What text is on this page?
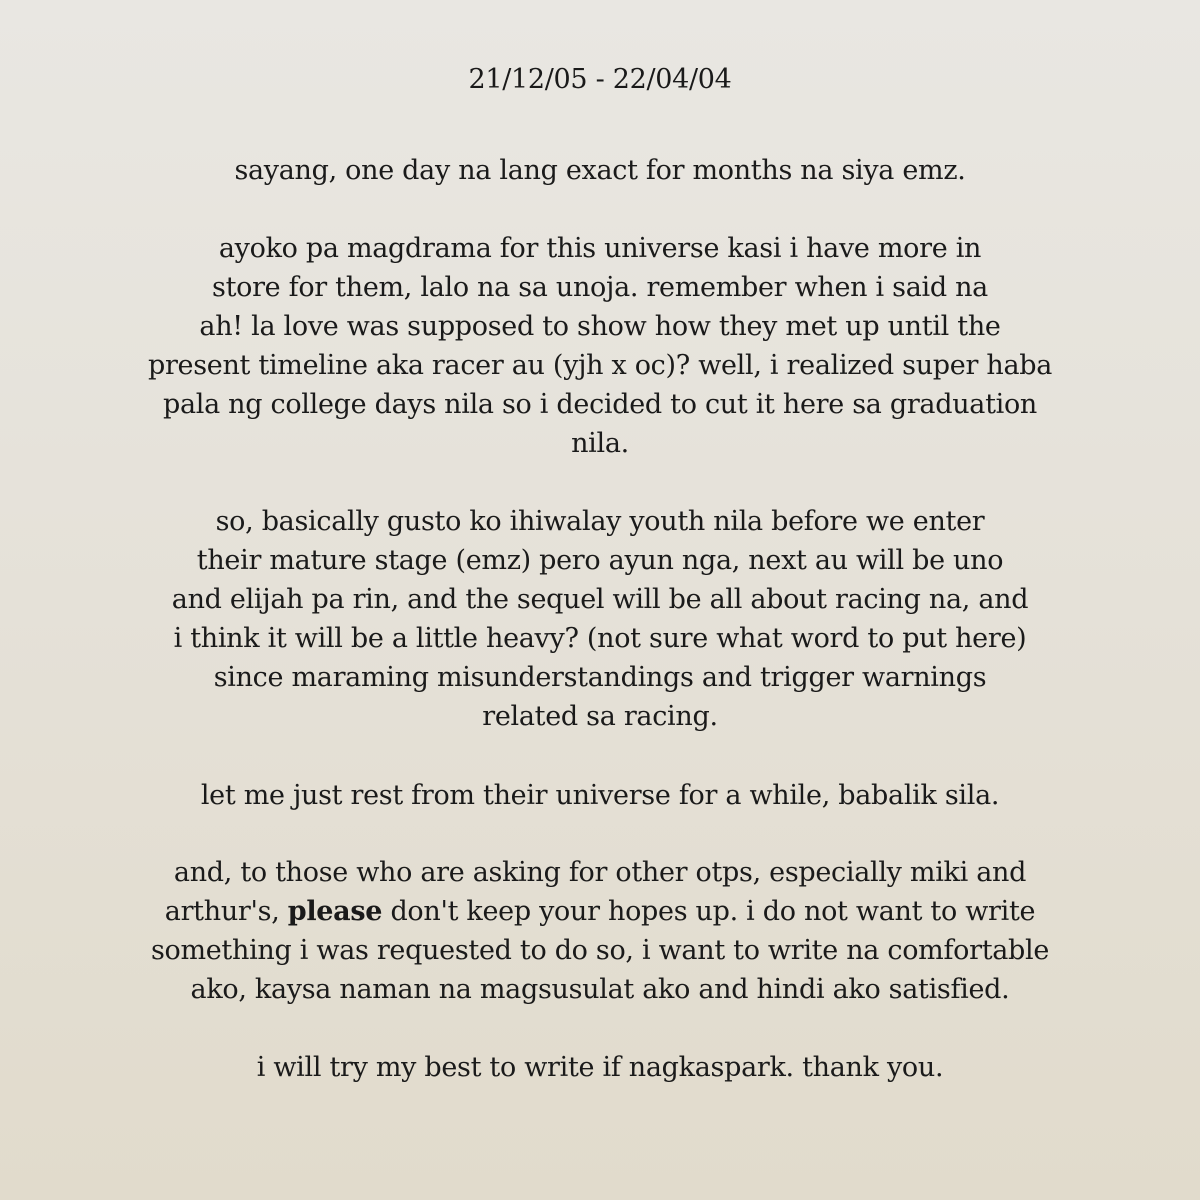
21/12/05 - 22/04/04
sayang, one day na lang exact for months na siya emz.
ayoko pa magdrama for this universe kasi i have more in
store for them, lalo na sa unoja. remember when i said na
ah! la love was supposed to show how they met up until the
present timeline aka racer au (yjh x oc)? well, i realized super haba
pala ng college days nila so i decided to cut it here sa graduation
nila.
so, basically gusto ko ihiwalay youth nila before we enter
their mature stage (emz) pero ayun nga, next au will be uno
and elijah pa rin, and the sequel will be all about racing na, and
i think it will be a little heavy? (not sure what word to put here)
since maraming misunderstandings and trigger warnings
related sa racing.
let me just rest from their universe for a while, babalik sila.
and, to those who are asking for other otps, especially miki and
arthur's, please don't keep your hopes up. i do not want to write
something i was requested to do so, i want to write na comfortable
ako, kaysa naman na magsusulat ako and hindi ako satisfied.
i will try my best to write if nagkaspark. thank you.
